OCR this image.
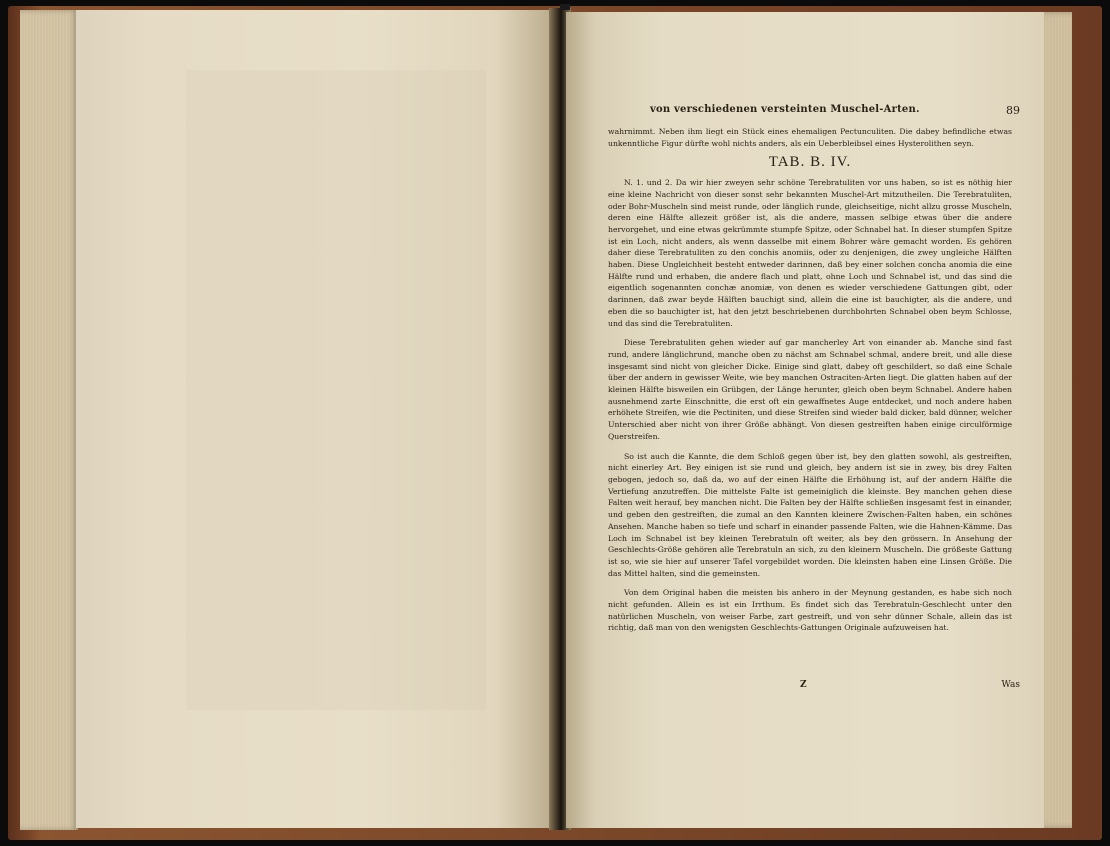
von verschiedenen versteinten Muschel-Arten.	89

wahrnimmt. Neben ihm liegt ein Stück eines ehemaligen Pectunculiten. Die dabey befindliche etwas unkenntliche Figur dürfte wohl nichts anders, als ein Ueberbleibsel eines Hysterolithen seyn.

TAB. B. IV.

N. 1. und 2. Da wir hier zweyen sehr schöne Terebratuliten vor uns haben, so ist es nöthig hier eine kleine Nachricht von dieser sonst sehr bekannten Muschel-Art mitzutheilen. Die Terebratuliten, oder Bohr-Muscheln sind meist runde, oder länglich runde, gleichseitige, nicht allzu grosse Muscheln, deren eine Hälfte allezeit größer ist, als die andere, massen selbige etwas über die andere hervorgehet, und eine etwas gekrümmte stumpfe Spitze, oder Schnabel hat. In dieser stumpfen Spitze ist ein Loch, nicht anders, als wenn dasselbe mit einem Bohrer wäre gemacht worden. Es gehören daher diese Terebratuliten zu den conchis anomiis, oder zu denjenigen, die zwey ungleiche Hälften haben. Diese Ungleichheit besteht entweder darinnen, daß bey einer solchen concha anomia die eine Hälfte rund und erhaben, die andere flach und platt, ohne Loch und Schnabel ist, und das sind die eigentlich sogenannten conchæ anomiæ, von denen es wieder verschiedene Gattungen gibt, oder darinnen, daß zwar beyde Hälften bauchigt sind, allein die eine ist bauchigter, als die andere, und eben die so bauchigter ist, hat den jetzt beschriebenen durchbohrten Schnabel oben beym Schlosse, und das sind die Terebratuliten.

Diese Terebratuliten gehen wieder auf gar mancherley Art von einander ab. Manche sind fast rund, andere länglichrund, manche oben zu nächst am Schnabel schmal, andere breit, und alle diese insgesamt sind nicht von gleicher Dicke. Einige sind glatt, dabey oft geschildert, so daß eine Schale über der andern in gewisser Weite, wie bey manchen Ostraciten-Arten liegt. Die glatten haben auf der kleinen Hälfte bisweilen ein Grübgen, der Länge herunter, gleich oben beym Schnabel. Andere haben ausnehmend zarte Einschnitte, die erst oft ein gewaffnetes Auge entdecket, und noch andere haben erhöhete Streifen, wie die Pectiniten, und diese Streifen sind wieder bald dicker, bald dünner, welcher Unterschied aber nicht von ihrer Größe abhängt. Von diesen gestreiften haben einige circulförmige Querstreifen.

So ist auch die Kannte, die dem Schloß gegen über ist, bey den glatten sowohl, als gestreiften, nicht einerley Art. Bey einigen ist sie rund und gleich, bey andern ist sie in zwey, bis drey Falten gebogen, jedoch so, daß da, wo auf der einen Hälfte die Erhöhung ist, auf der andern Hälfte die Vertiefung anzutreffen. Die mittelste Falte ist gemeiniglich die kleinste. Bey manchen gehen diese Falten weit herauf, bey manchen nicht. Die Falten bey der Hälfte schließen insgesamt fest in einander, und geben den gestreiften, die zumal an den Kannten kleinere Zwischen-Falten haben, ein schönes Ansehen. Manche haben so tiefe und scharf in einander passende Falten, wie die Hahnen-Kämme. Das Loch im Schnabel ist bey kleinen Terebratuln oft weiter, als bey den grössern. In Ansehung der Geschlechts-Größe gehören alle Terebratuln an sich, zu den kleinern Muscheln. Die größeste Gattung ist so, wie sie hier auf unserer Tafel vorgebildet worden. Die kleinsten haben eine Linsen Größe. Die das Mittel halten, sind die gemeinsten.

Von dem Original haben die meisten bis anhero in der Meynung gestanden, es habe sich noch nicht gefunden. Allein es ist ein Irrthum. Es findet sich das Terebratuln-Geschlecht unter den natürlichen Muscheln, von weiser Farbe, zart gestreift, und von sehr dünner Schale, allein das ist richtig, daß man von den wenigsten Geschlechts-Gattungen Originale aufzuweisen hat.

Z	Was
